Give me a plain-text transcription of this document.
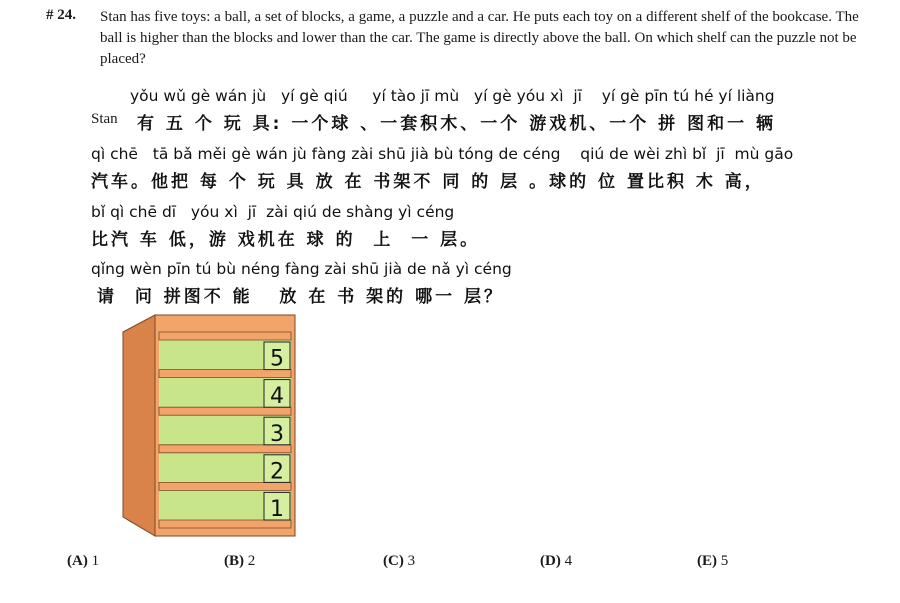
# 24. Stan has five toys: a ball, a set of blocks, a game, a puzzle and a car. He puts each toy on a different shelf of the bookcase. The ball is higher than the blocks and lower than the car. The game is directly above the ball. On which shelf can the puzzle not be placed?
yǒu wǔ gè wán jù   yí gè qiú     yí tào jī mù   yí gè yóu xì  jī    yí gè pīn tú hé yí liàng
Stan 有 五 个 玩 具: 一个球 、一套积木、一个 游戏机、一个 拼 图和一 辆
qì chē   tā bǎ měi gè wán jù fàng zài shū jià bù tóng de céng    qiú de wèi zhì bǐ  jī  mù gāo
汽车。他把 每 个 玩 具 放 在 书架不 同 的 层 。球的 位 置比积 木 高，
bǐ qì chē dī   yóu xì  jī  zài qiú de shàng yì céng
比汽 车 低，游 戏机在 球 的  上  一 层。
qǐng wèn pīn tú bù néng fàng zài shū jià de nǎ yì céng
请  问 拼图不 能   放 在 书 架的 哪一 层？
5
4
3
2
1
(A) 1	(B) 2	(C) 3	(D) 4	(E) 5
